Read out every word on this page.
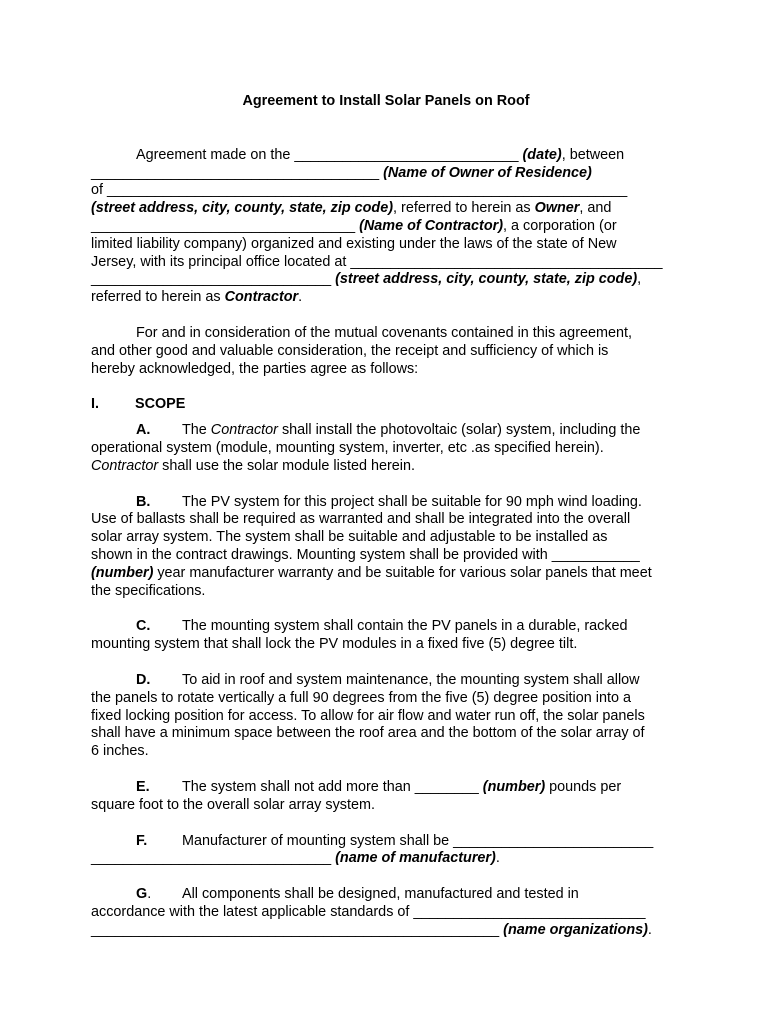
Agreement to Install Solar Panels on Roof

Agreement made on the ____________________________ (date), between

____________________________________ (Name of Owner of Residence)

of _________________________________________________________________

(street address, city, county, state, zip code), referred to herein as Owner, and

_________________________________ (Name of Contractor), a corporation (or

limited liability company) organized and existing under the laws of the state of New

Jersey, with its principal office located at _______________________________________

______________________________ (street address, city, county, state, zip code),

referred to herein as Contractor.

For and in consideration of the mutual covenants contained in this agreement,

and other good and valuable consideration, the receipt and sufficiency of which is

hereby acknowledged, the parties agree as follows:

I.	SCOPE

A. The Contractor shall install the photovoltaic (solar) system, including the

operational system (module, mounting system, inverter, etc .as specified herein).

Contractor shall use the solar module listed herein.

B. The PV system for this project shall be suitable for 90 mph wind loading.

Use of ballasts shall be required as warranted and shall be integrated into the overall

solar array system. The system shall be suitable and adjustable to be installed as

shown in the contract drawings. Mounting system shall be provided with ___________

(number) year manufacturer warranty and be suitable for various solar panels that meet

the specifications.

C. The mounting system shall contain the PV panels in a durable, racked

mounting system that shall lock the PV modules in a fixed five (5) degree tilt.

D. To aid in roof and system maintenance, the mounting system shall allow

the panels to rotate vertically a full 90 degrees from the five (5) degree position into a

fixed locking position for access. To allow for air flow and water run off, the solar panels

shall have a minimum space between the roof area and the bottom of the solar array of

6 inches.

E. The system shall not add more than ________ (number) pounds per

square foot to the overall solar array system.

F. Manufacturer of mounting system shall be _________________________

______________________________ (name of manufacturer).

G. All components shall be designed, manufactured and tested in

accordance with the latest applicable standards of _____________________________

___________________________________________________ (name organizations).
